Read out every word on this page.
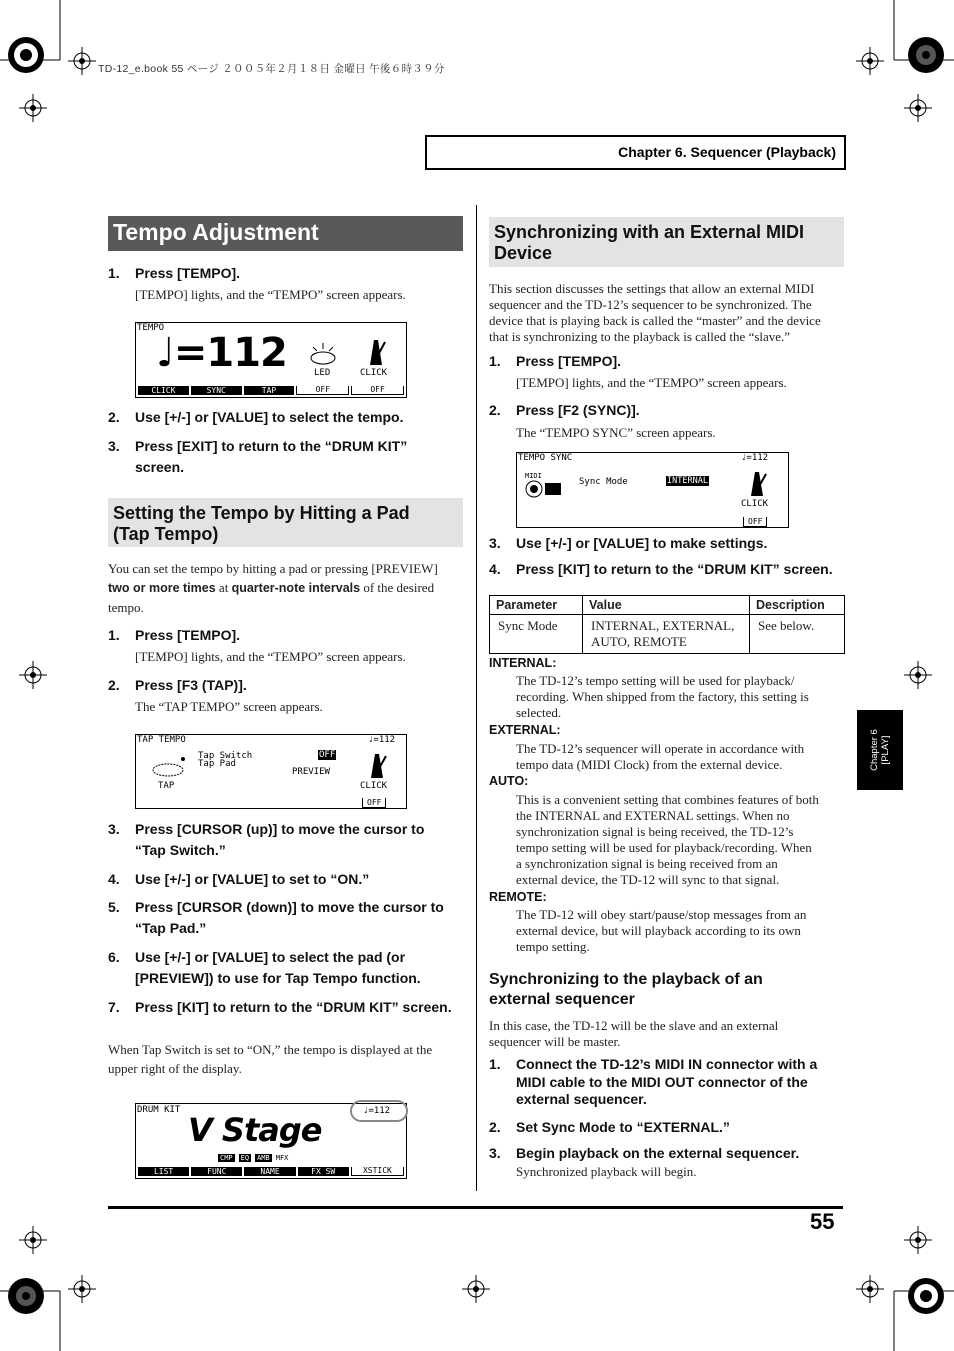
TD-12_e.book 55 ページ ２００５年２月１８日 金曜日 午後６時３９分
Chapter 6. Sequencer (Playback)
Tempo Adjustment
1. Press [TEMPO].
[TEMPO] lights, and the “TEMPO” screen appears.
TEMPO
♩=112	LED	CLICK
CLICK	SYNC	TAP	OFF	OFF
2. Use [+/-] or [VALUE] to select the tempo.
3. Press [EXIT] to return to the “DRUM KIT”
screen.
Setting the Tempo by Hitting a Pad
(Tap Tempo)
You can set the tempo by hitting a pad or pressing [PREVIEW]
two or more times at quarter-note intervals of the desired
tempo.
1. Press [TEMPO].
[TEMPO] lights, and the “TEMPO” screen appears.
2. Press [F3 (TAP)].
The “TAP TEMPO” screen appears.
TAP TEMPO	♩=112
Tap Switch	OFF
Tap Pad
PREVIEW
TAP	CLICK
OFF
3. Press [CURSOR (up)] to move the cursor to
“Tap Switch.”
4. Use [+/-] or [VALUE] to set to “ON.”
5. Press [CURSOR (down)] to move the cursor to
“Tap Pad.”
6. Use [+/-] or [VALUE] to select the pad (or
[PREVIEW]) to use for Tap Tempo function.
7. Press [KIT] to return to the “DRUM KIT” screen.
When Tap Switch is set to “ON,” the tempo is displayed at the
upper right of the display.
DRUM KIT	♩=112
V Stage
CMP EQ AMB MFX
LIST	FUNC	NAME	FX SW	XSTICK
Synchronizing with an External MIDI
Device
This section discusses the settings that allow an external MIDI
sequencer and the TD-12’s sequencer to be synchronized. The
device that is playing back is called the “master” and the device
that is synchronizing to the playback is called the “slave.”
1. Press [TEMPO].
[TEMPO] lights, and the “TEMPO” screen appears.
2. Press [F2 (SYNC)].
The “TEMPO SYNC” screen appears.
TEMPO SYNC	♩=112
MIDI
Sync Mode	INTERNAL
CLICK
OFF
3. Use [+/-] or [VALUE] to make settings.
4. Press [KIT] to return to the “DRUM KIT” screen.
Parameter	Value	Description
Sync Mode	INTERNAL, EXTERNAL,
AUTO, REMOTE	See below.
INTERNAL:
The TD-12’s tempo setting will be used for playback/
recording. When shipped from the factory, this setting is
selected.
EXTERNAL:
The TD-12’s sequencer will operate in accordance with
tempo data (MIDI Clock) from the external device.
AUTO:
This is a convenient setting that combines features of both
the INTERNAL and EXTERNAL settings. When no
synchronization signal is being received, the TD-12’s
tempo setting will be used for playback/recording. When
a synchronization signal is being received from an
external device, the TD-12 will sync to that signal.
REMOTE:
The TD-12 will obey start/pause/stop messages from an
external device, but will playback according to its own
tempo setting.
Synchronizing to the playback of an
external sequencer
In this case, the TD-12 will be the slave and an external
sequencer will be master.
1. Connect the TD-12’s MIDI IN connector with a
MIDI cable to the MIDI OUT connector of the
external sequencer.
2. Set Sync Mode to “EXTERNAL.”
3. Begin playback on the external sequencer.
Synchronized playback will begin.
Chapter 6 [PLAY]
55
